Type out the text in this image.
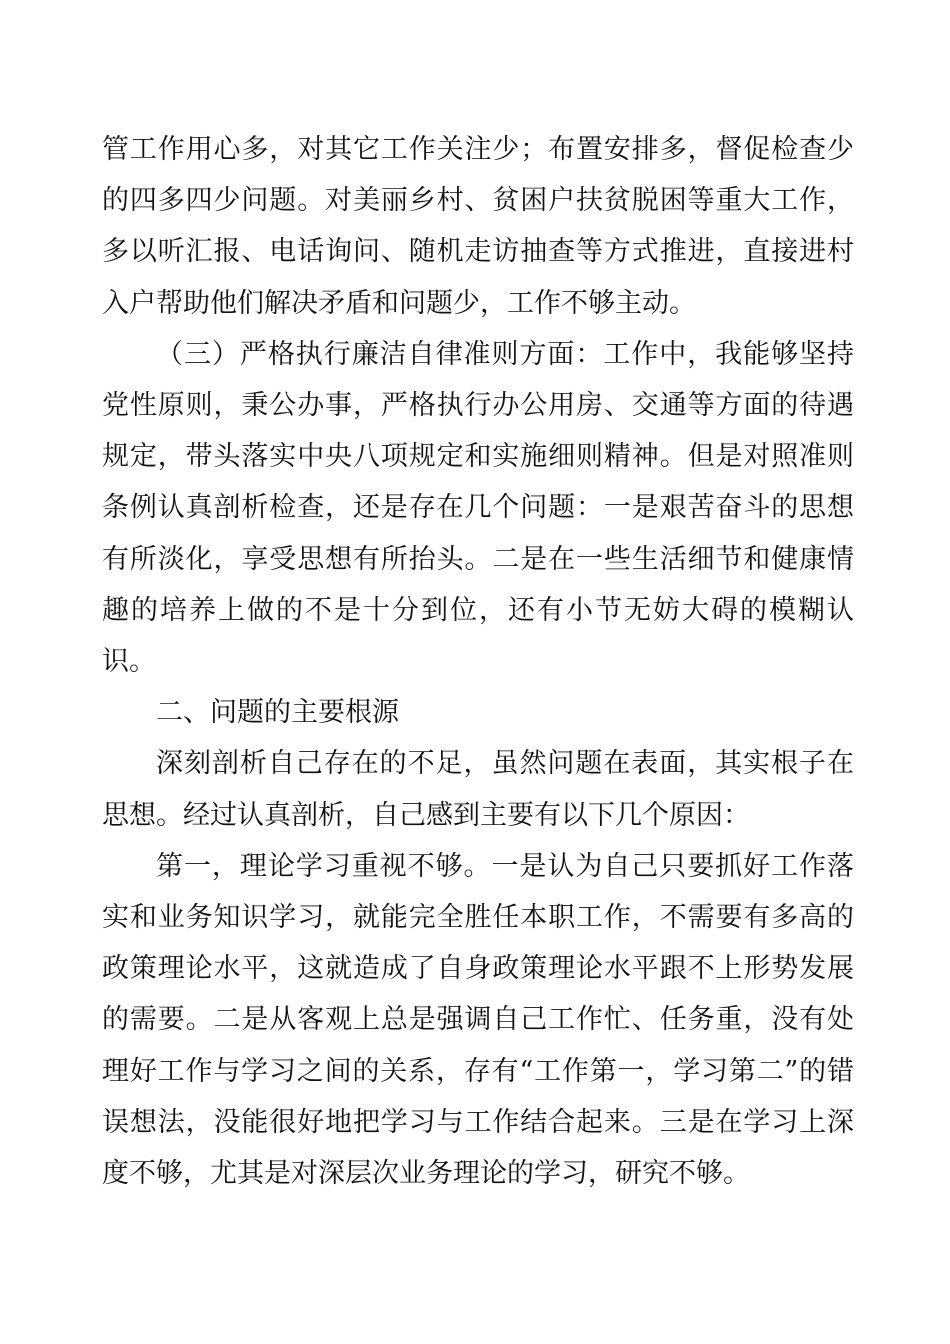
管工作用心多，对其它工作关注少；布置安排多，督促检查少的四多四少问题。对美丽乡村、贫困户扶贫脱困等重大工作，多以听汇报、电话询问、随机走访抽查等方式推进，直接进村入户帮助他们解决矛盾和问题少，工作不够主动。

（三）严格执行廉洁自律准则方面：工作中，我能够坚持党性原则，秉公办事，严格执行办公用房、交通等方面的待遇规定，带头落实中央八项规定和实施细则精神。但是对照准则条例认真剖析检查，还是存在几个问题：一是艰苦奋斗的思想有所淡化，享受思想有所抬头。二是在一些生活细节和健康情趣的培养上做的不是十分到位，还有小节无妨大碍的模糊认识。

二、问题的主要根源

深刻剖析自己存在的不足，虽然问题在表面，其实根子在思想。经过认真剖析，自己感到主要有以下几个原因：

第一，理论学习重视不够。一是认为自己只要抓好工作落实和业务知识学习，就能完全胜任本职工作，不需要有多高的政策理论水平，这就造成了自身政策理论水平跟不上形势发展的需要。二是从客观上总是强调自己工作忙、任务重，没有处理好工作与学习之间的关系，存有“工作第一，学习第二”的错误想法，没能很好地把学习与工作结合起来。三是在学习上深度不够，尤其是对深层次业务理论的学习，研究不够。
